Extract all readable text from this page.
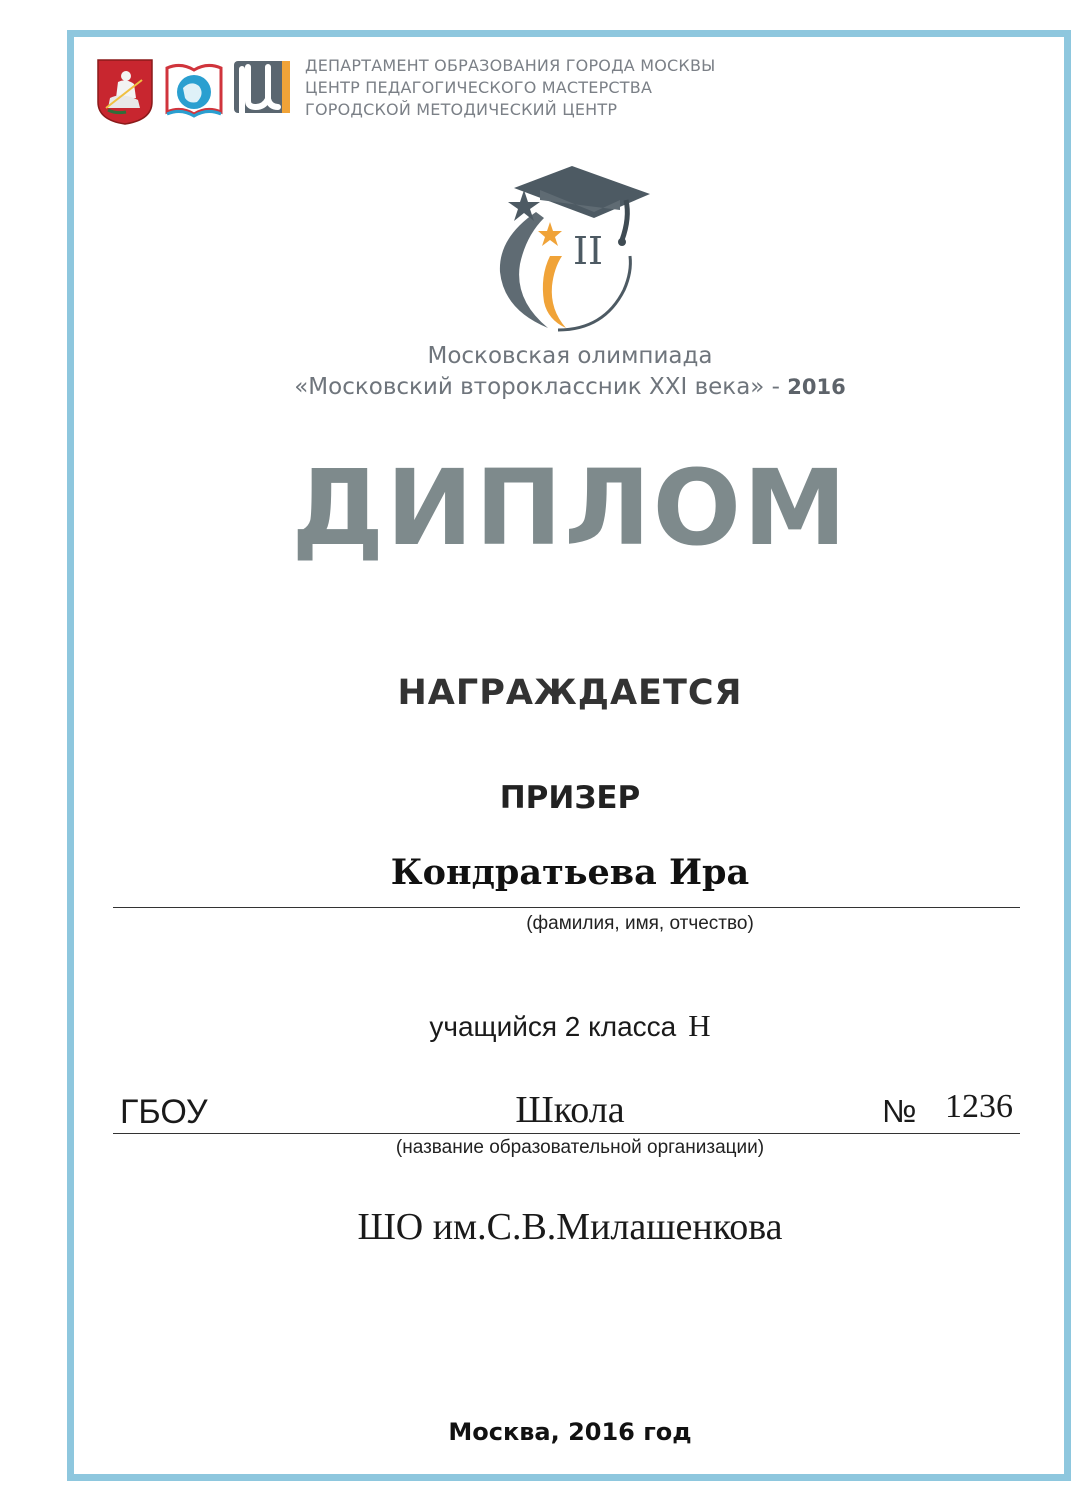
ДЕПАРТАМЕНТ ОБРАЗОВАНИЯ ГОРОДА МОСКВЫ
ЦЕНТР ПЕДАГОГИЧЕСКОГО МАСТЕРСТВА
ГОРОДСКОЙ МЕТОДИЧЕСКИЙ ЦЕНТР
II
Московская олимпиада
«Московский второклассник XXI века» - 2016
ДИПЛОМ
НАГРАЖДАЕТСЯ
ПРИЗЕР
Кондратьева Ира
(фамилия, имя, отчество)
учащийся 2 класса Н
ГБОУ	Школа	№ 1236
(название образовательной организации)
ШО им.С.В.Милашенкова
Москва, 2016 год
